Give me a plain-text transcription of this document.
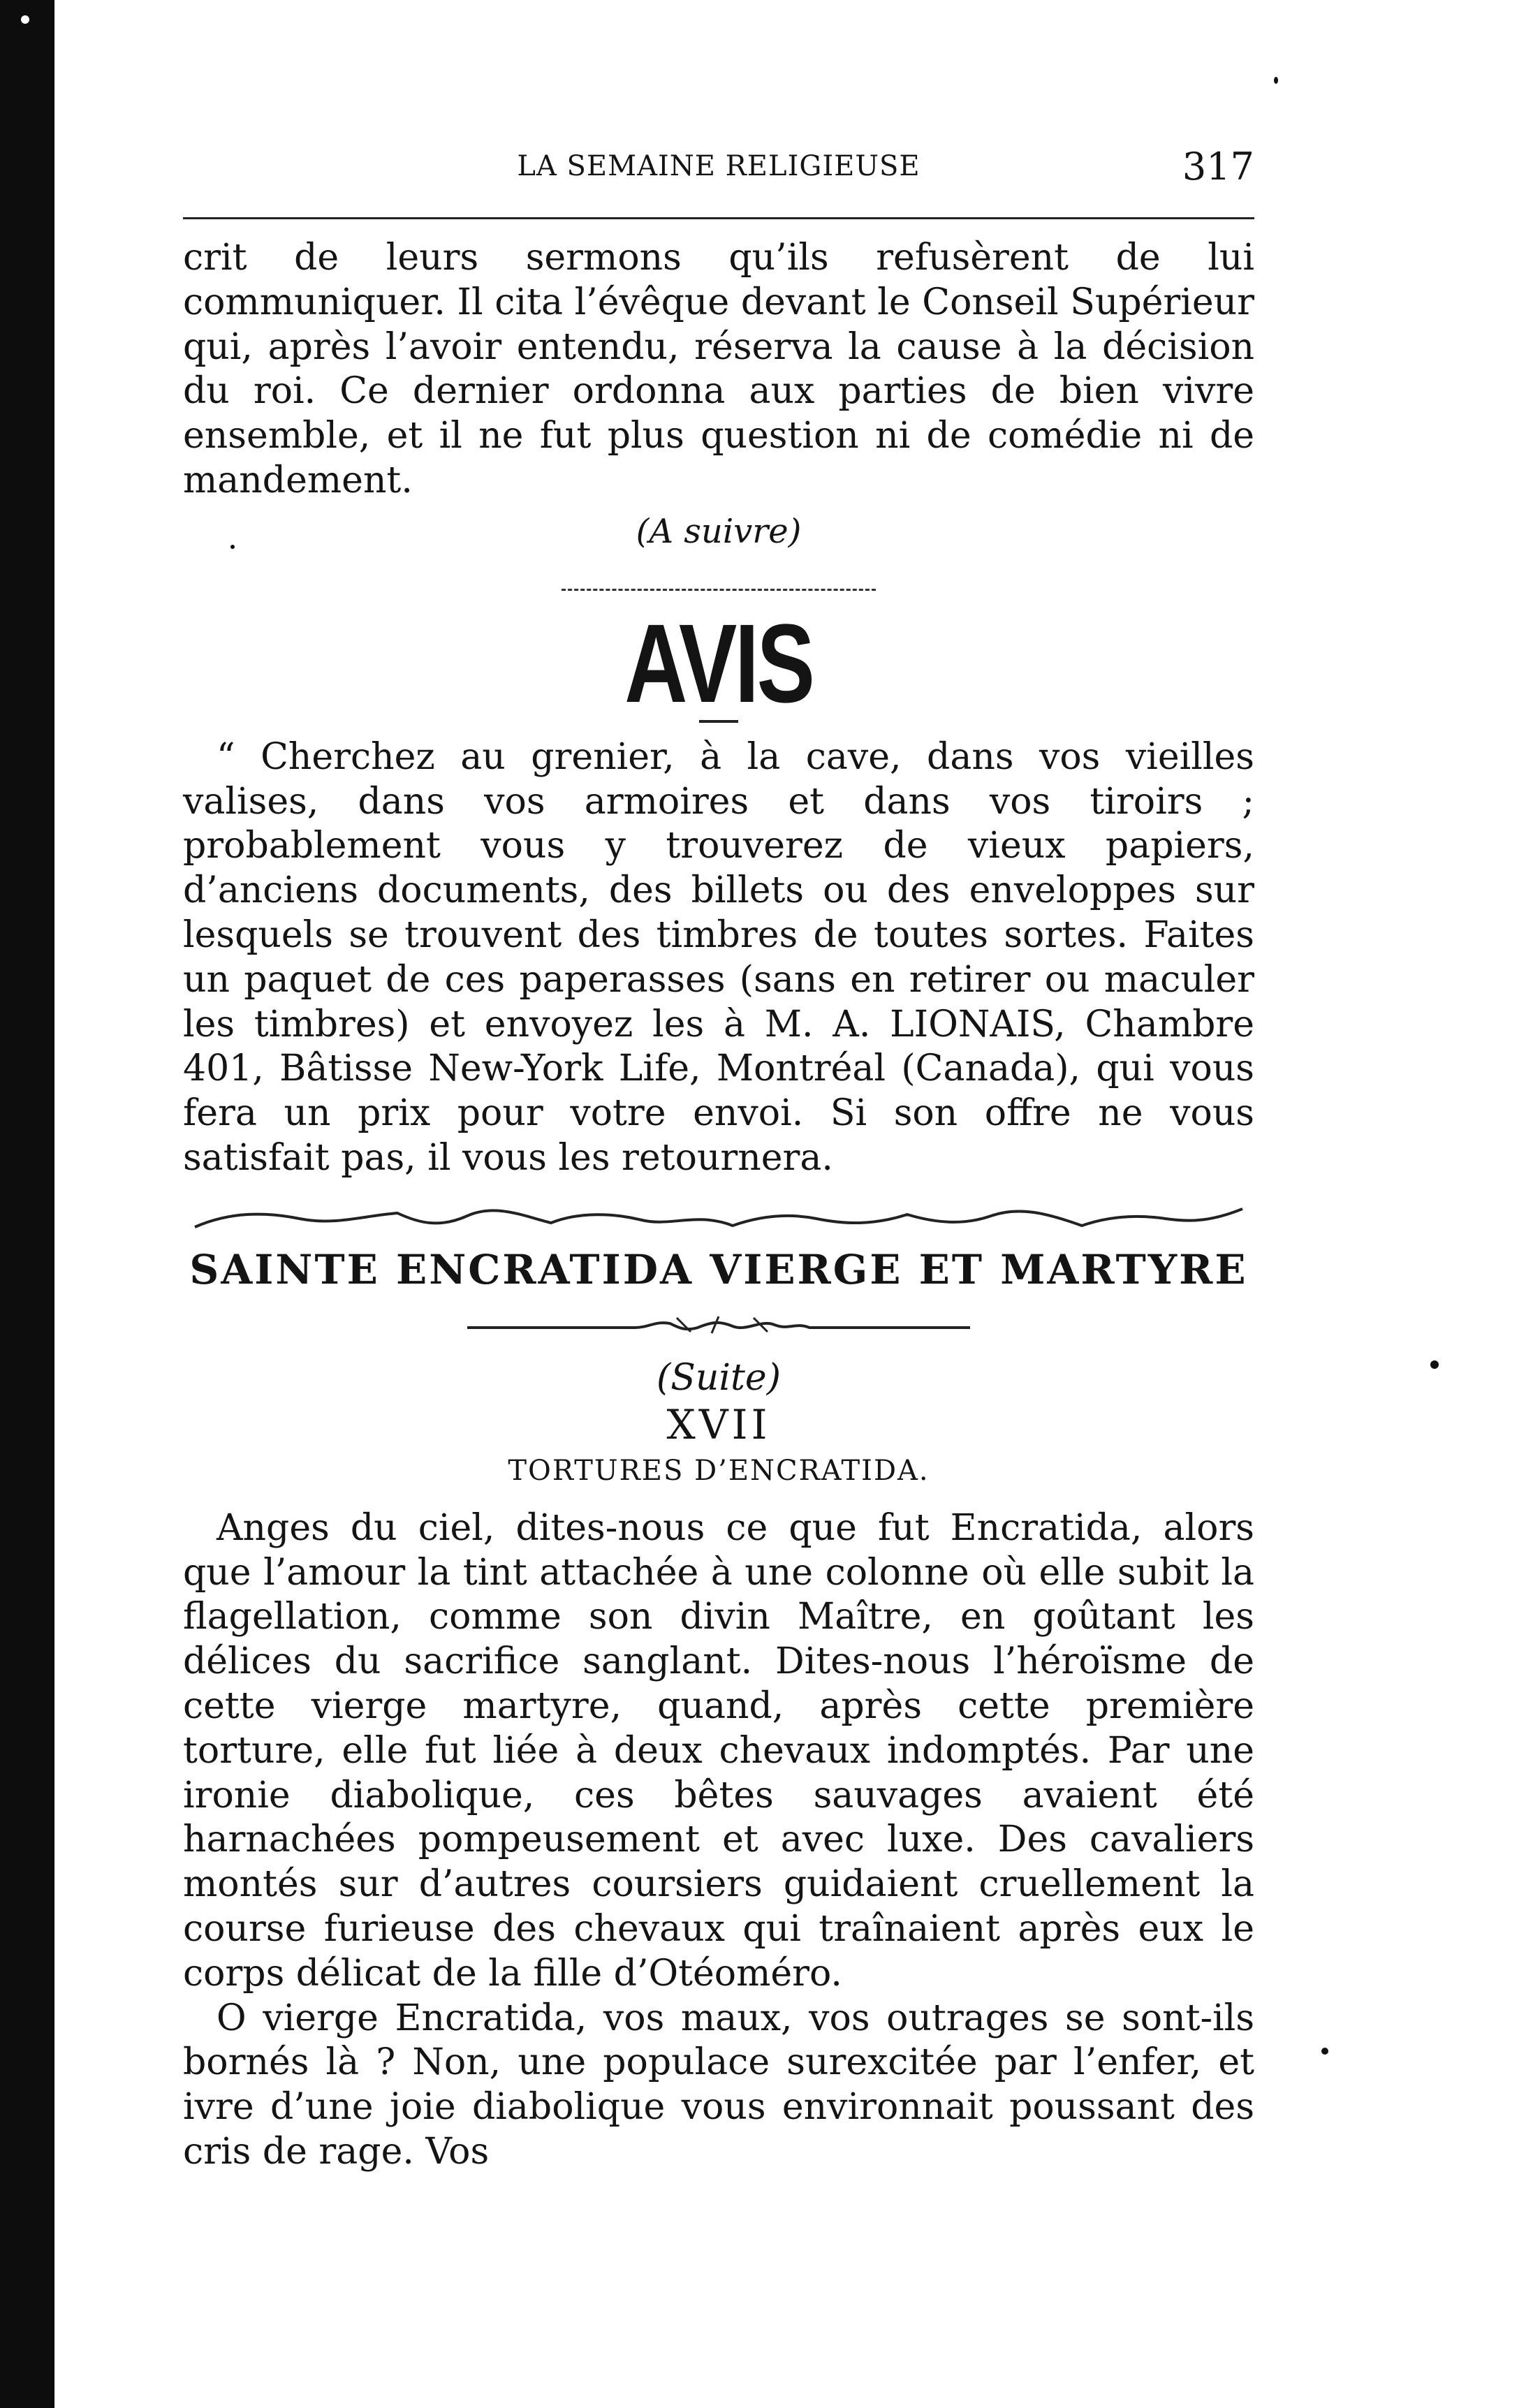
LA SEMAINE RELIGIEUSE	317

crit de leurs sermons qu’ils refusèrent de lui communiquer. Il cita l’évêque devant le Conseil Supérieur qui, après l’avoir entendu, réserva la cause à la décision du roi. Ce dernier ordonna aux parties de bien vivre ensemble, et il ne fut plus question ni de comédie ni de mandement.

(A suivre)

AVIS

“ Cherchez au grenier, à la cave, dans vos vieilles valises, dans vos armoires et dans vos tiroirs ; probablement vous y trouverez de vieux papiers, d’anciens documents, des billets ou des enveloppes sur lesquels se trouvent des timbres de toutes sortes. Faites un paquet de ces paperasses (sans en retirer ou maculer les timbres) et envoyez les à M. A. LIONAIS, Chambre 401, Bâtisse New-York Life, Montréal (Canada), qui vous fera un prix pour votre envoi. Si son offre ne vous satisfait pas, il vous les retournera.

SAINTE ENCRATIDA VIERGE ET MARTYRE

(Suite)

XVII

TORTURES D’ENCRATIDA.

Anges du ciel, dites-nous ce que fut Encratida, alors que l’amour la tint attachée à une colonne où elle subit la flagellation, comme son divin Maître, en goûtant les délices du sacrifice sanglant. Dites-nous l’héroïsme de cette vierge martyre, quand, après cette première torture, elle fut liée à deux chevaux indomptés. Par une ironie diabolique, ces bêtes sauvages avaient été harnachées pompeusement et avec luxe. Des cavaliers montés sur d’autres coursiers guidaient cruellement la course furieuse des chevaux qui traînaient après eux le corps délicat de la fille d’Otéoméro.

O vierge Encratida, vos maux, vos outrages se sont-ils bornés là ? Non, une populace surexcitée par l’enfer, et ivre d’une joie diabolique vous environnait poussant des cris de rage. Vos
